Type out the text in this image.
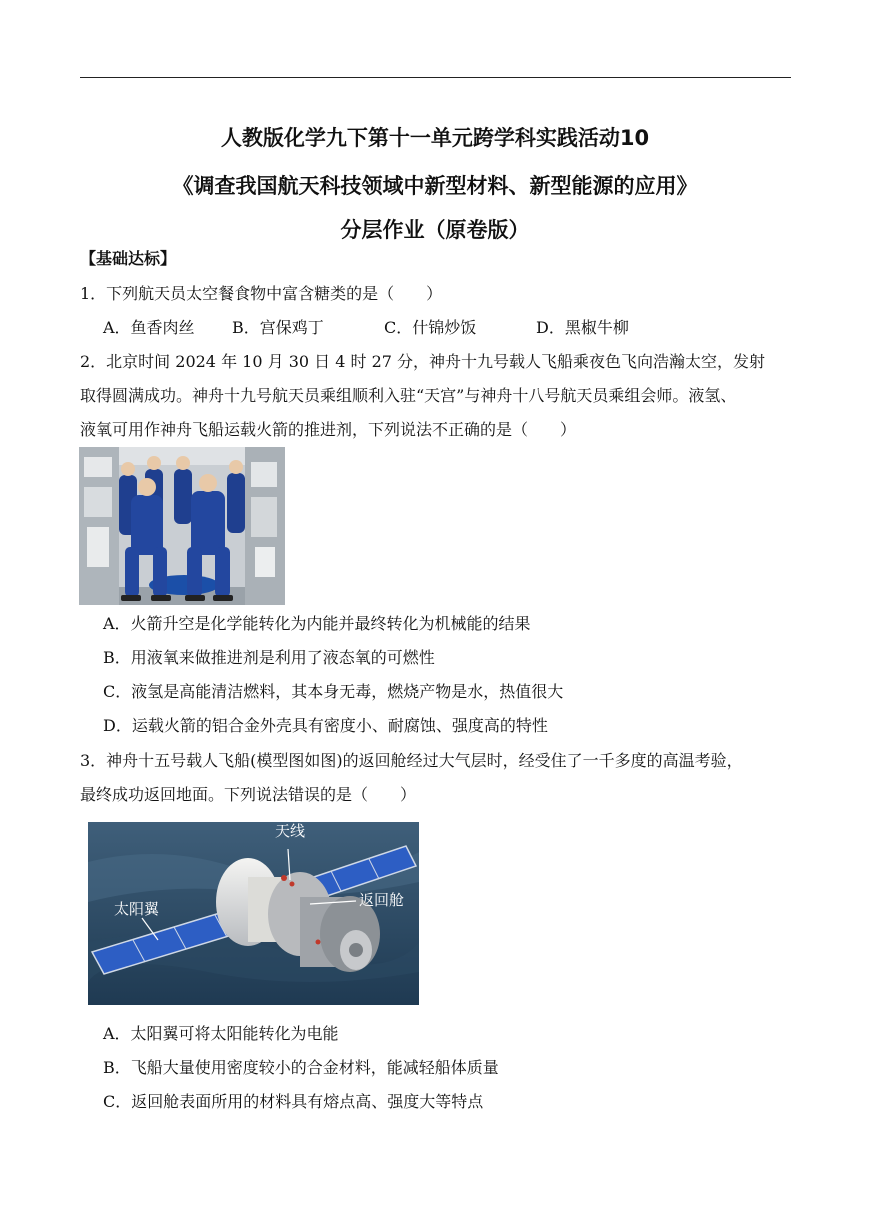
人教版化学九下第十一单元跨学科实践活动10
《调查我国航天科技领域中新型材料、新型能源的应用》
分层作业（原卷版）
【基础达标】
1．下列航天员太空餐食物中富含糖类的是（　　）
A．鱼香肉丝 B．宫保鸡丁	C．什锦炒饭	D．黑椒牛柳
2．北京时间 2024 年 10 月 30 日 4 时 27 分，神舟十九号载人飞船乘夜色飞向浩瀚太空，发射
取得圆满成功。神舟十九号航天员乘组顺利入驻“天宫”与神舟十八号航天员乘组会师。液氢、
液氧可用作神舟飞船运载火箭的推进剂，下列说法不正确的是（　　）
A．火箭升空是化学能转化为内能并最终转化为机械能的结果
B．用液氧来做推进剂是利用了液态氧的可燃性
C．液氢是高能清洁燃料，其本身无毒，燃烧产物是水，热值很大
D．运载火箭的铝合金外壳具有密度小、耐腐蚀、强度高的特性
3．神舟十五号载人飞船(模型图如图)的返回舱经过大气层时，经受住了一千多度的高温考验，
最终成功返回地面。下列说法错误的是（　　）
天线
太阳翼	返回舱
A．太阳翼可将太阳能转化为电能
B．飞船大量使用密度较小的合金材料，能减轻船体质量
C．返回舱表面所用的材料具有熔点高、强度大等特点
